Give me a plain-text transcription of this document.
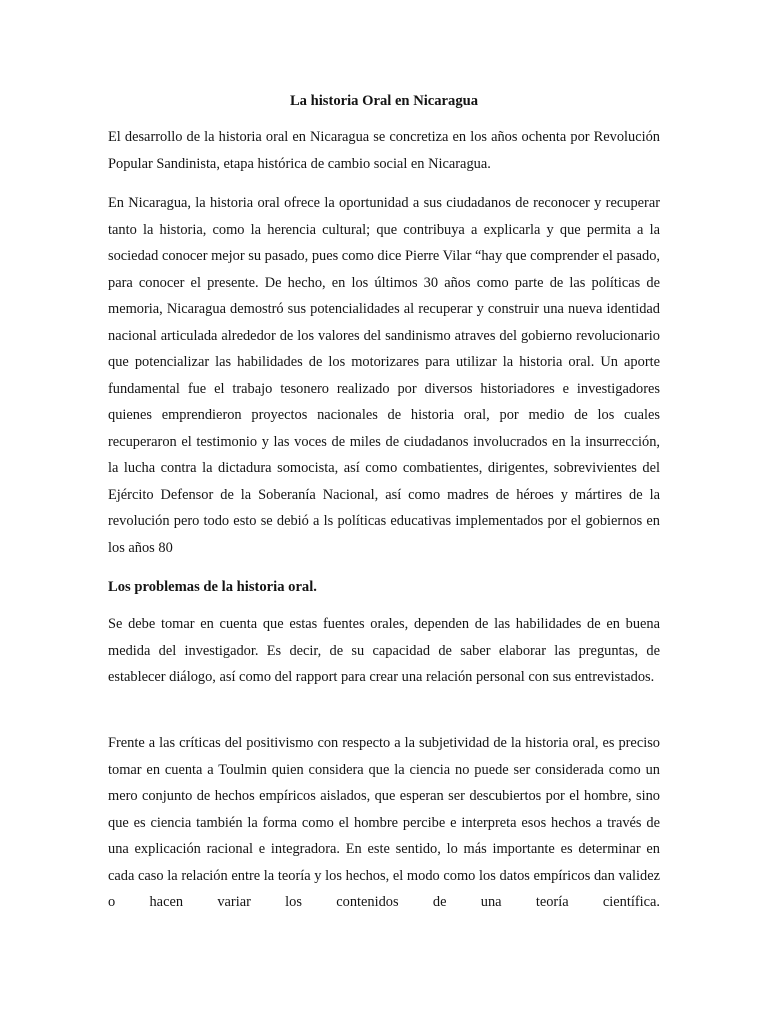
La historia Oral en Nicaragua

El desarrollo de la historia oral en Nicaragua se concretiza en los años ochenta por Revolución Popular Sandinista, etapa histórica de cambio social en Nicaragua.

En Nicaragua, la historia oral ofrece la oportunidad a sus ciudadanos de reconocer y recuperar tanto la historia, como la herencia cultural; que contribuya a explicarla y que permita a la sociedad conocer mejor su pasado, pues como dice Pierre Vilar “hay que comprender el pasado, para conocer el presente. De hecho, en los últimos 30 años como parte de las políticas de memoria, Nicaragua demostró sus potencialidades al recuperar y construir una nueva identidad nacional articulada alrededor de los valores del sandinismo atraves del gobierno revolucionario que potencializar las habilidades de los motorizares para utilizar la historia oral. Un aporte fundamental fue el trabajo tesonero realizado por diversos historiadores e investigadores quienes emprendieron proyectos nacionales de historia oral, por medio de los cuales recuperaron el testimonio y las voces de miles de ciudadanos involucrados en la insurrección, la lucha contra la dictadura somocista, así como combatientes, dirigentes, sobrevivientes del Ejército Defensor de la Soberanía Nacional, así como madres de héroes y mártires de la revolución pero todo esto se debió a ls políticas educativas implementados por el gobiernos en los años 80

Los problemas de la historia oral.

Se debe tomar en cuenta que estas fuentes orales, dependen de las habilidades de en buena medida del investigador. Es decir, de su capacidad de saber elaborar las preguntas, de establecer diálogo, así como del rapport para crear una relación personal con sus entrevistados.

Frente a las críticas del positivismo con respecto a la subjetividad de la historia oral, es preciso tomar en cuenta a Toulmin quien considera que la ciencia no puede ser considerada como un mero conjunto de hechos empíricos aislados, que esperan ser descubiertos por el hombre, sino que es ciencia también la forma como el hombre percibe e interpreta esos hechos a través de una explicación racional e integradora. En este sentido, lo más importante es determinar en cada caso la relación entre la teoría y los hechos, el modo como los datos empíricos dan validez o hacen variar los contenidos de una teoría científica.
